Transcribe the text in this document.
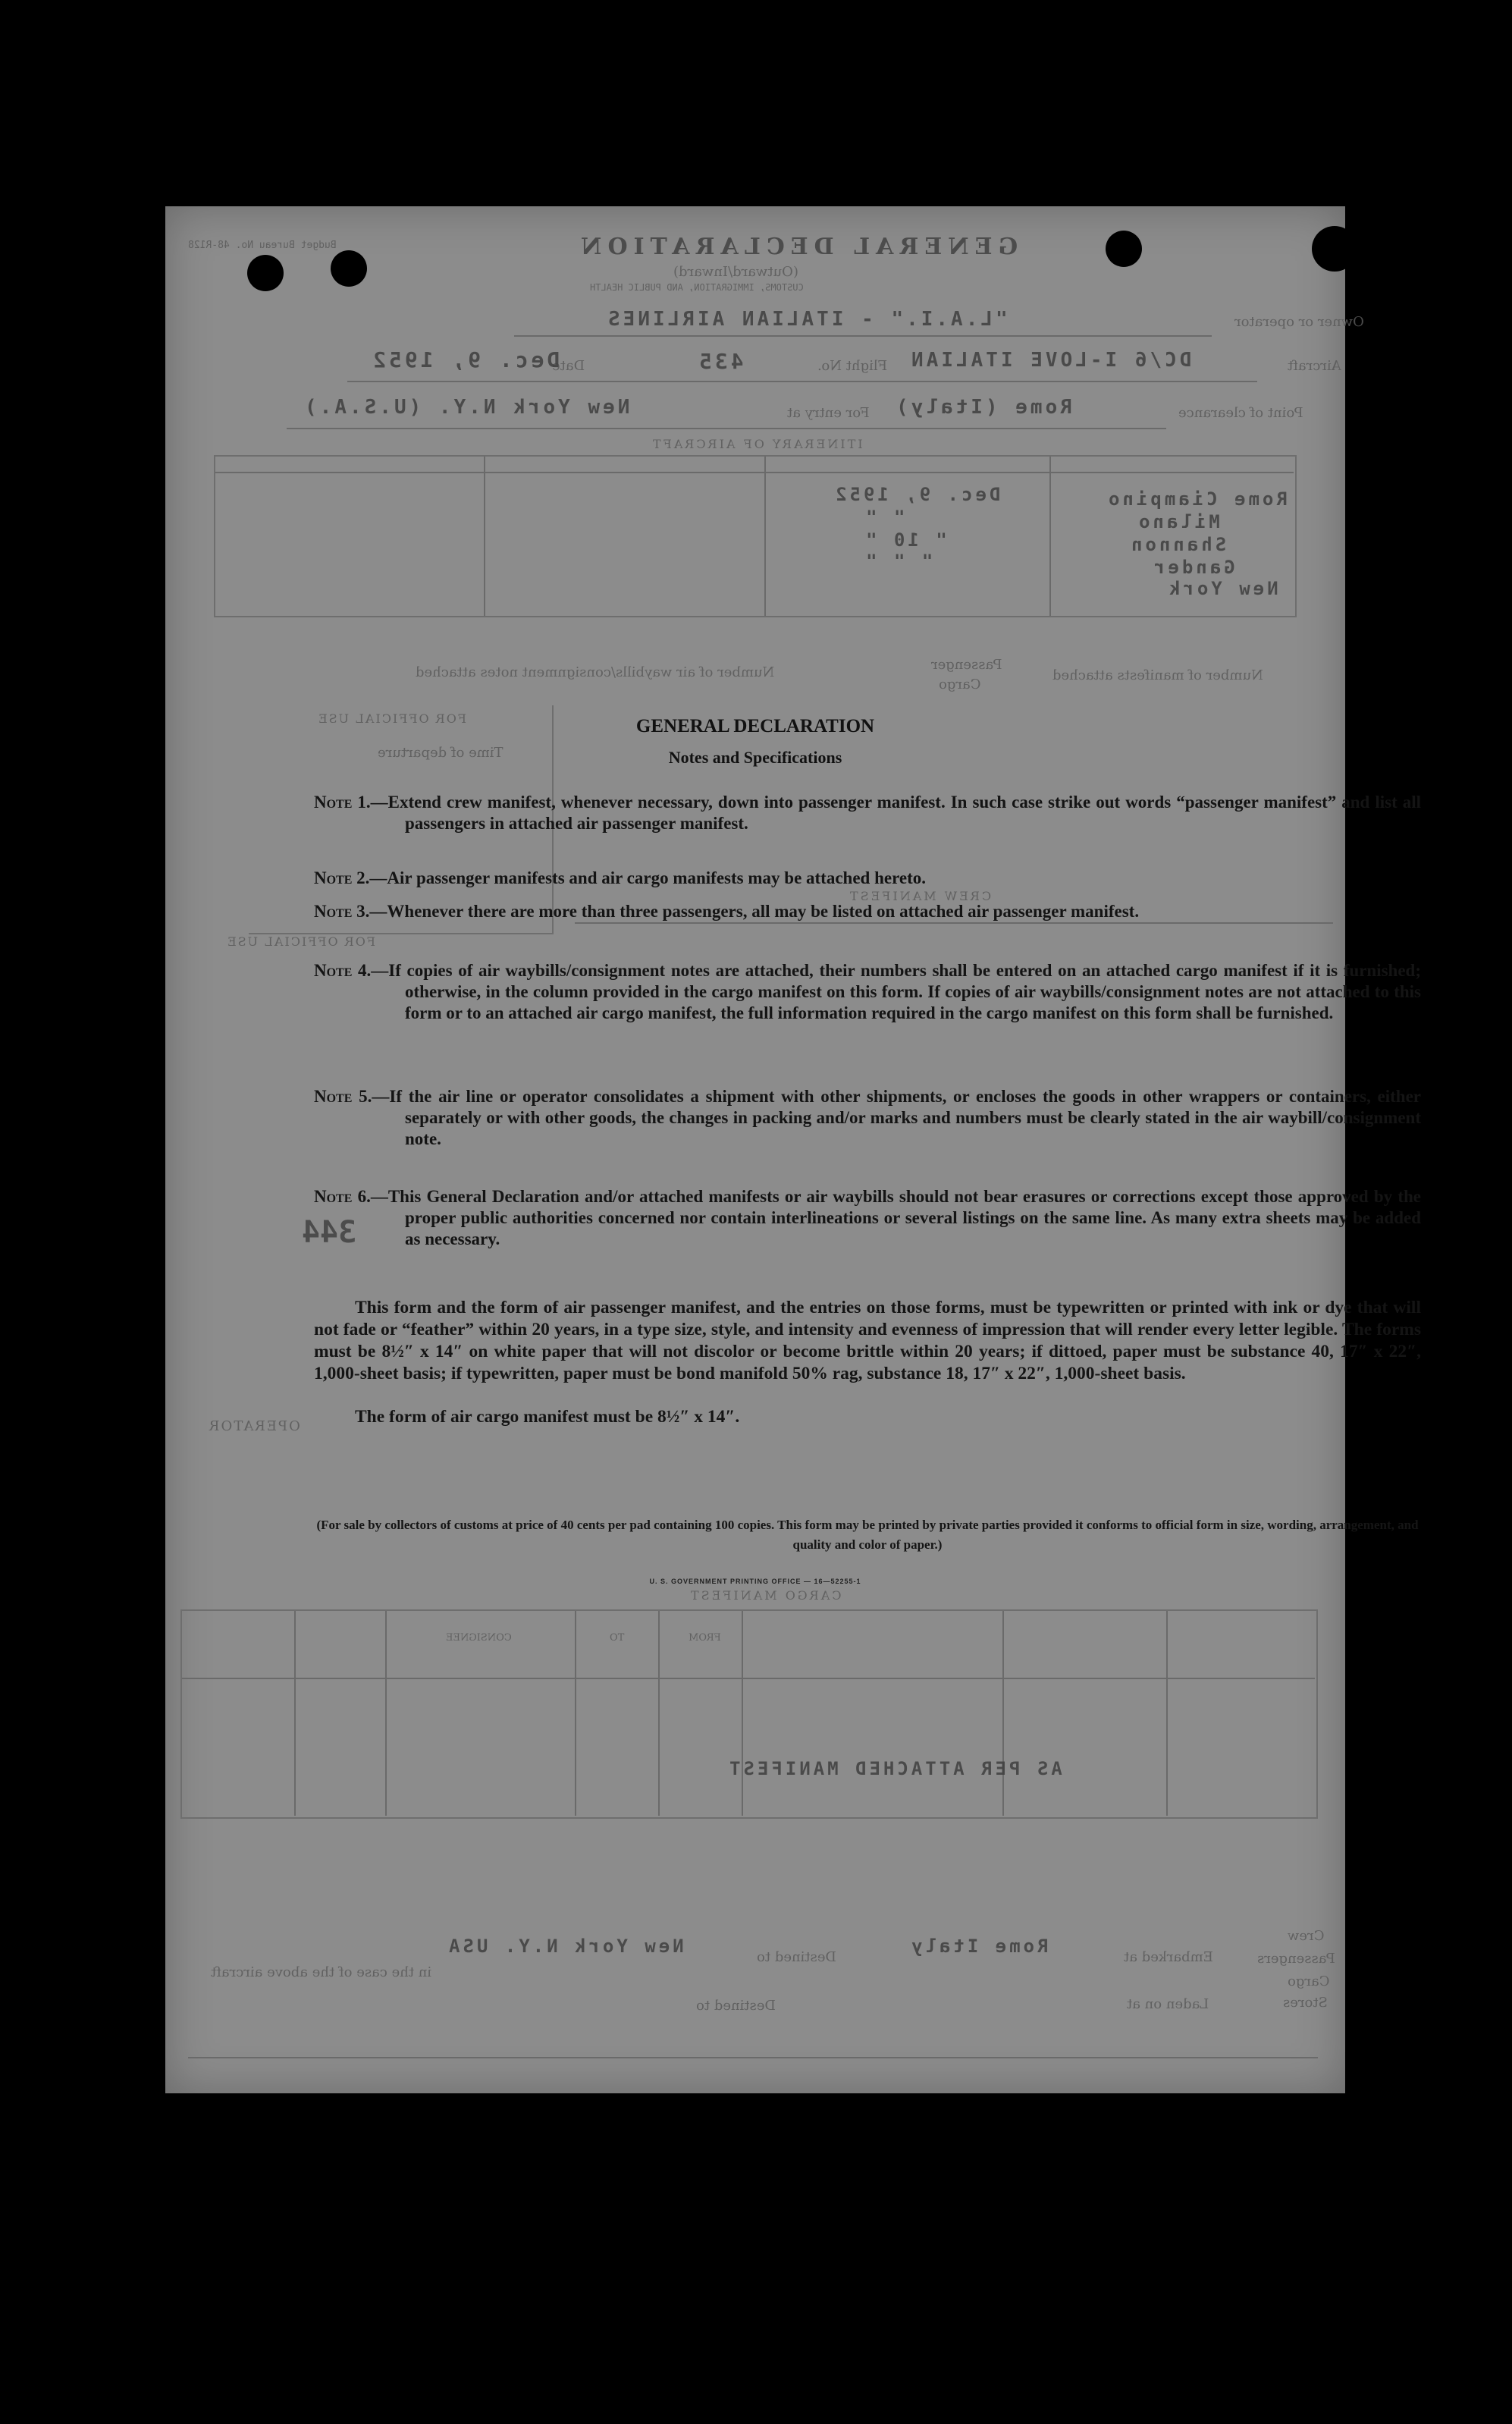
Budget Bureau No. 48-R128	GENERAL DECLARATION
(Outward/Inward)
CUSTOMS, IMMIGRATION, AND PUBLIC HEALTH
Owner or operator
"L.A.I." - ITALIAN AIRLINES
Aircraft
DC/6 I-LOVE ITALIAN
Flight No.
435
Date
Dec. 9, 1952
Point of clearance
Rome (Italy)
For entry at
New York N.Y. (U.S.A.)
ITINERARY OF AIRCRAFT
Rome Ciampino
Milano
Shannon
Gander
New York
Dec. 9, 1952
" "
" 10 "
" " "
Number of manifests attached
Passenger
Cargo
Number of air waybills/consignment notes attached
FOR OFFICIAL USE
Time of departure
FOR OFFICIAL USE
CREW MANIFEST
OPERATOR
344
CARGO MANIFEST
FROM
TO
CONSIGNEE
AS PER ATTACHED MANIFEST
Embarked at
Rome Italy
Destined to
New York N.Y. USA
Laden on at
Destined to
in the case of the above aircraft
Crew
Passengers
Cargo
Stores
GENERAL DECLARATION
Notes and Specifications
Note 1.—Extend crew manifest, whenever necessary, down into passenger manifest. In such case strike out words “passenger manifest” and list all passengers in attached air passenger manifest.
Note 2.—Air passenger manifests and air cargo manifests may be attached hereto.
Note 3.—Whenever there are more than three passengers, all may be listed on attached air passenger manifest.
Note 4.—If copies of air waybills/consignment notes are attached, their numbers shall be entered on an attached cargo manifest if it is furnished; otherwise, in the column provided in the cargo manifest on this form. If copies of air waybills/consignment notes are not attached to this form or to an attached air cargo manifest, the full information required in the cargo manifest on this form shall be furnished.
Note 5.—If the air line or operator consolidates a shipment with other shipments, or encloses the goods in other wrappers or containers, either separately or with other goods, the changes in packing and/or marks and numbers must be clearly stated in the air waybill/consignment note.
Note 6.—This General Declaration and/or attached manifests or air waybills should not bear erasures or corrections except those approved by the proper public authorities concerned nor contain interlineations or several listings on the same line. As many extra sheets may be added as necessary.
This form and the form of air passenger manifest, and the entries on those forms, must be typewritten or printed with ink or dye that will not fade or “feather” within 20 years, in a type size, style, and intensity and evenness of impression that will render every letter legible. The forms must be 8½″ x 14″ on white paper that will not discolor or become brittle within 20 years; if dittoed, paper must be substance 40, 17″ x 22″, 1,000-sheet basis; if typewritten, paper must be bond manifold 50% rag, substance 18, 17″ x 22″, 1,000-sheet basis.
The form of air cargo manifest must be 8½″ x 14″.
(For sale by collectors of customs at price of 40 cents per pad containing 100 copies. This form may be printed by private parties provided it conforms to official form in size, wording, arrangement, and quality and color of paper.)
U. S. GOVERNMENT PRINTING OFFICE — 16—52255-1
